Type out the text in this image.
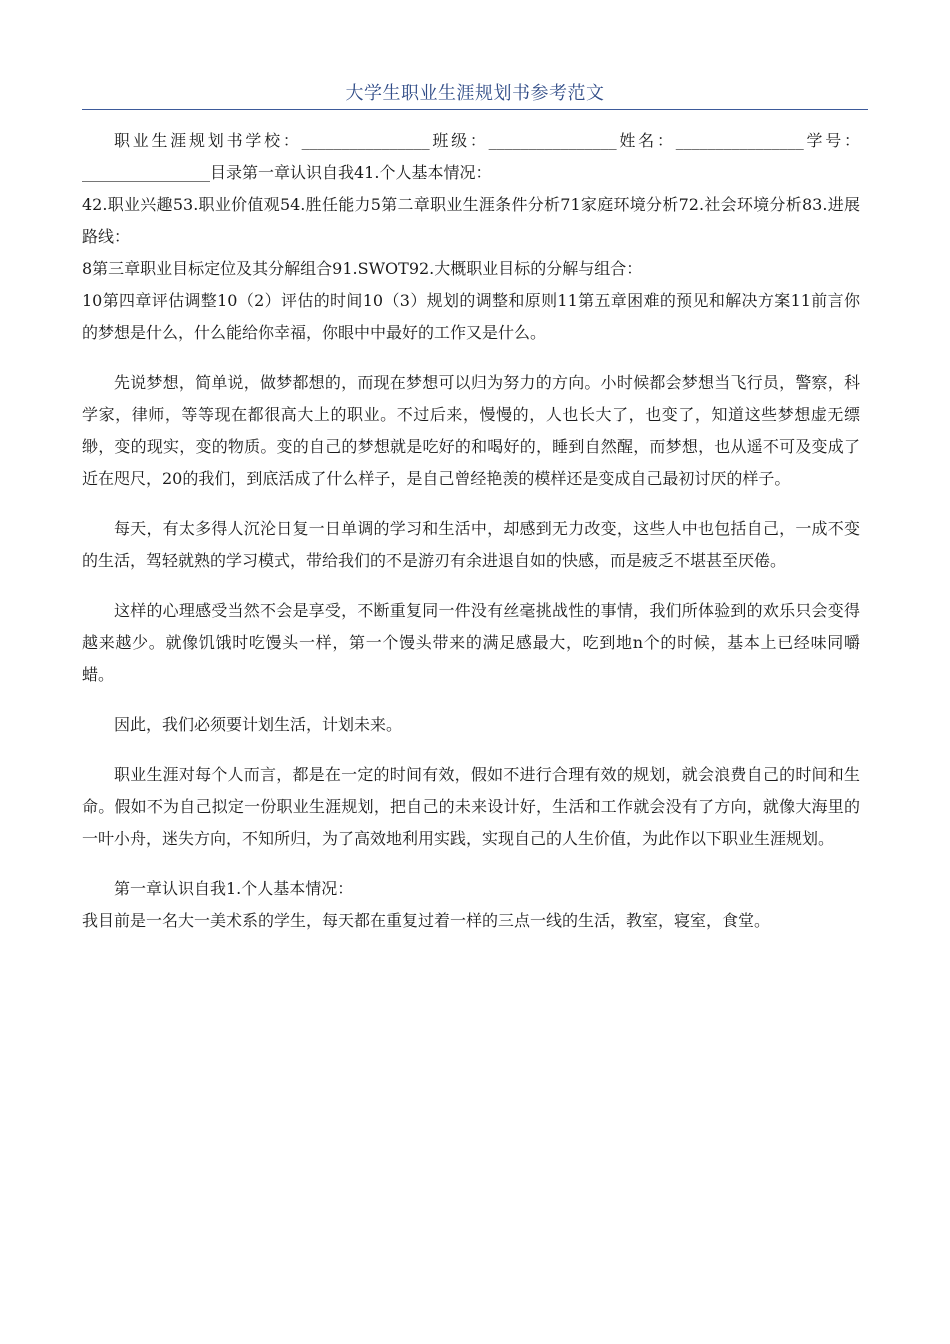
大学生职业生涯规划书参考范文

职业生涯规划书学校：________________班级：________________姓名：________________学号：________________目录第一章认识自我41.个人基本情况：

42.职业兴趣53.职业价值观54.胜任能力5第二章职业生涯条件分析71家庭环境分析72.社会环境分析83.进展路线：

8第三章职业目标定位及其分解组合91.SWOT92.大概职业目标的分解与组合：

10第四章评估调整10（2）评估的时间10（3）规划的调整和原则11第五章困难的预见和解决方案11前言你的梦想是什么，什么能给你幸福，你眼中中最好的工作又是什么。

先说梦想，简单说，做梦都想的，而现在梦想可以归为努力的方向。小时候都会梦想当飞行员，警察，科学家，律师，等等现在都很高大上的职业。不过后来，慢慢的，人也长大了，也变了，知道这些梦想虚无缥缈，变的现实，变的物质。变的自己的梦想就是吃好的和喝好的，睡到自然醒，而梦想，也从遥不可及变成了近在咫尺，20的我们，到底活成了什么样子，是自己曾经艳羡的模样还是变成自己最初讨厌的样子。

每天，有太多得人沉沦日复一日单调的学习和生活中，却感到无力改变，这些人中也包括自己，一成不变的生活，驾轻就熟的学习模式，带给我们的不是游刃有余进退自如的快感，而是疲乏不堪甚至厌倦。

这样的心理感受当然不会是享受，不断重复同一件没有丝毫挑战性的事情，我们所体验到的欢乐只会变得越来越少。就像饥饿时吃馒头一样，第一个馒头带来的满足感最大，吃到地n个的时候，基本上已经味同嚼蜡。

因此，我们必须要计划生活，计划未来。

职业生涯对每个人而言，都是在一定的时间有效，假如不进行合理有效的规划，就会浪费自己的时间和生命。假如不为自己拟定一份职业生涯规划，把自己的未来设计好，生活和工作就会没有了方向，就像大海里的一叶小舟，迷失方向，不知所归，为了高效地利用实践，实现自己的人生价值，为此作以下职业生涯规划。

第一章认识自我1.个人基本情况：

我目前是一名大一美术系的学生，每天都在重复过着一样的三点一线的生活，教室，寝室，食堂。
